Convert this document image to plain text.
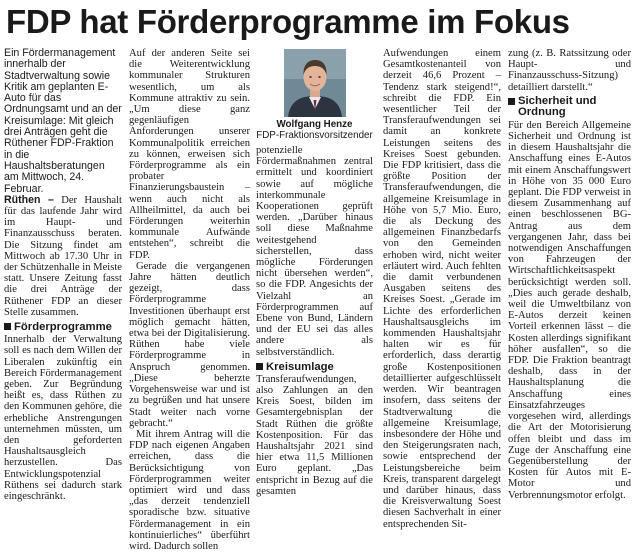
FDP hat Förderprogramme im Fokus

Ein Fördermanagement innerhalb der Stadtverwaltung sowie Kritik am geplanten E-Auto für das Ordnungsamt und an der Kreisumlage: Mit gleich drei Anträgen geht die Rüthener FDP-Fraktion in die Haushaltsberatungen am Mittwoch, 24. Februar.

Rüthen – Der Haushalt für das laufende Jahr wird im Haupt- und Finanzausschuss beraten. Die Sitzung findet am Mittwoch ab 17.30 Uhr in der Schützenhalle in Meiste statt. Unsere Zeitung fasst die drei Anträge der Rüthener FDP an dieser Stelle zusammen.

Förderprogramme

Innerhalb der Verwaltung soll es nach dem Willen der Liberalen zukünftig ein Bereich Fördermanagement geben. Zur Begründung heißt es, dass Rüthen zu den Kommunen gehöre, die erhebliche Anstrengungen unternehmen müssten, um den geforderten Haushaltsausgleich herzustellen. Das Entwicklungspotenzial Rüthens sei dadurch stark eingeschränkt.

Auf der anderen Seite sei die Weiterentwicklung kommunaler Strukturen wesentlich, um als Kommune attraktiv zu sein. „Um diese ganz gegenläufigen Anforderungen unserer Kommunalpolitik erreichen zu können, erweisen sich Förderprogramme als ein probater Finanzierungsbaustein – wenn auch nicht als Allheilmittel, da auch bei Förderungen weiterhin kommunale Aufwände entstehen“, schreibt die FDP.

Gerade die vergangenen Jahre hätten deutlich gezeigt, dass Förderprogramme Investitionen überhaupt erst möglich gemacht hätten, etwa bei der Digitalisierung. Rüthen habe viele Förderprogramme in Anspruch genommen. „Diese beherzte Vorgehensweise war und ist zu begrüßen und hat unsere Stadt weiter nach vorne gebracht.“

Mit ihrem Antrag will die FDP nach eigenen Angaben erreichen, dass die Berücksichtigung von Förderprogrammen weiter optimiert wird und dass „das derzeit tendenziell sporadische bzw. situative Fördermanagement in ein kontinuierliches“ überführt wird. Dadurch sollen

Wolfgang Henze
FDP-Fraktionsvorsitzender

potenzielle Fördermaßnahmen zentral ermittelt und koordiniert sowie auf mögliche interkommunale Kooperationen geprüft werden. „Darüber hinaus soll diese Maßnahme weitestgehend sicherstellen, dass mögliche Förderungen nicht übersehen werden“, so die FDP. Angesichts der Vielzahl an Förderprogrammen auf Ebene von Bund, Ländern und der EU sei das alles andere als selbstverständlich.

Kreisumlage

Transferaufwendungen, also Zahlungen an den Kreis Soest, bilden im Gesamtergebnisplan der Stadt Rüthen die größte Kostenposition. Für das Haushaltsjahr 2021 sind hier etwa 11,5 Millionen Euro geplant. „Das entspricht in Bezug auf die gesamten

Aufwendungen einem Gesamtkostenanteil von derzeit 46,6 Prozent – Tendenz stark steigend!“, schreibt die FDP. Ein wesentlicher Teil der Transferaufwendungen sei damit an konkrete Leistungen seitens des Kreises Soest gebunden. Die FDP kritisiert, dass die größte Position der Transferaufwendungen, die allgemeine Kreisumlage in Höhe von 5,7 Mio. Euro, die als Deckung des allgemeinen Finanzbedarfs von den Gemeinden erhoben wird, nicht weiter erläutert wird. Auch fehlten die damit verbundenen Ausgaben seitens des Kreises Soest. „Gerade im Lichte des erforderlichen Haushaltsausgleichs im kommenden Haushaltsjahr halten wir es für erforderlich, dass derartig große Kostenpositionen detaillierter aufgeschlüsselt werden. Wir beantragen insofern, dass seitens der Stadtverwaltung die allgemeine Kreisumlage, insbesondere der Höhe und den Steigerungsraten nach, sowie entsprechend der Leistungsbereiche beim Kreis, transparent dargelegt und darüber hinaus, dass die Kreisverwaltung Soest diesen Sachverhalt in einer entsprechenden Sit-

zung (z. B. Ratssitzung oder Haupt- und Finanzausschuss-Sitzung) detailliert darstellt.“

Sicherheit und Ordnung

Für den Bereich Allgemeine Sicherheit und Ordnung ist in diesem Haushaltsjahr die Anschaffung eines E-Autos mit einem Anschaffungswert in Höhe von 35 000 Euro geplant. Die FDP verweist in diesem Zusammenhang auf einen beschlossenen BG-Antrag aus dem vergangenen Jahr, dass bei notwendigen Anschaffungen von Fahrzeugen der Wirtschaftlichkeitsaspekt berücksichtigt werden soll. „Dies auch gerade deshalb, weil die Umweltbilanz von E-Autos derzeit keinen Vorteil erkennen lässt – die Kosten allerdings signifikant höher ausfallen“, so die FDP. Die Fraktion beantragt deshalb, dass in der Haushaltsplanung die Anschaffung eines Einsatzfahrzeuges vorgesehen wird, allerdings die Art der Motorisierung offen bleibt und dass im Zuge der Anschaffung eine Gegenüberstellung der Kosten für Autos mit E-Motor und Verbrennungsmotor erfolgt.
